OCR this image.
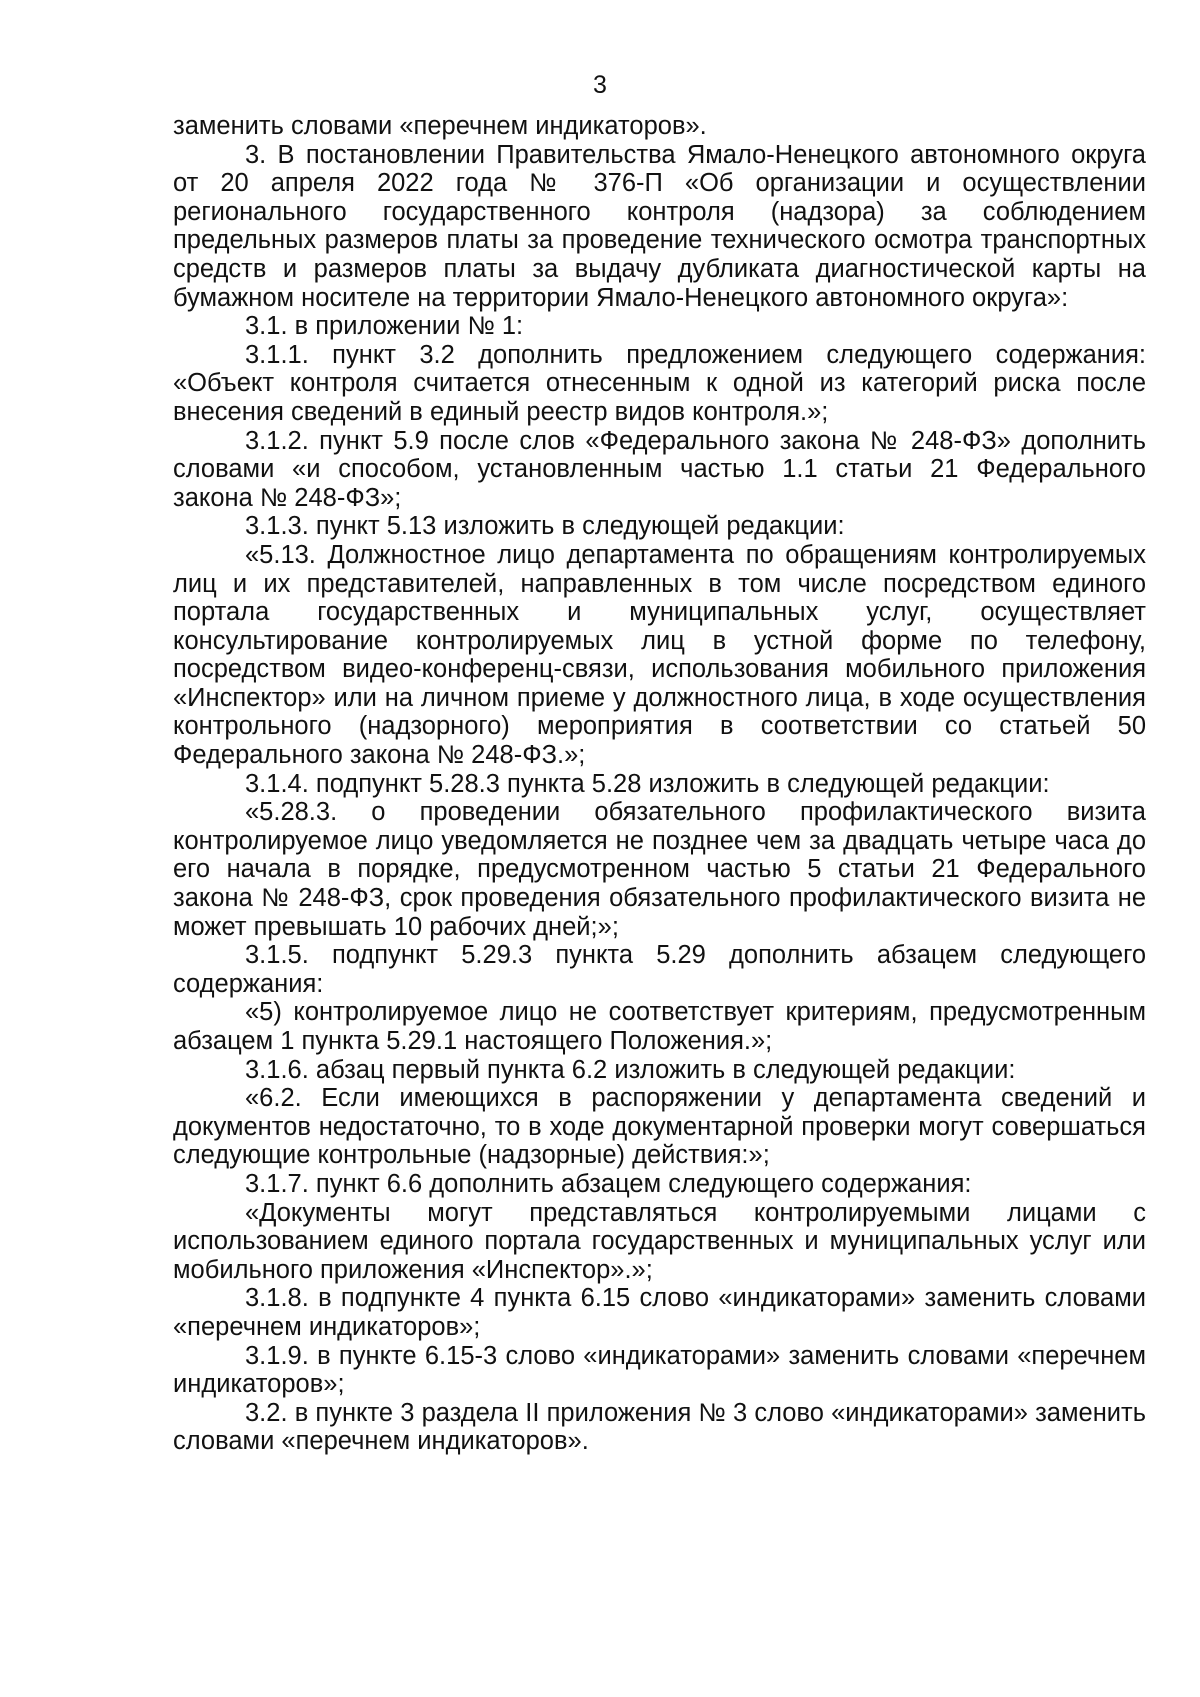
3

заменить словами «перечнем индикаторов».

3. В постановлении Правительства Ямало-Ненецкого автономного округа от 20 апреля 2022 года № 376-П «Об организации и осуществлении регионального государственного контроля (надзора) за соблюдением предельных размеров платы за проведение технического осмотра транспортных средств и размеров платы за выдачу дубликата диагностической карты на бумажном носителе на территории Ямало-Ненецкого автономного округа»:

3.1. в приложении № 1:

3.1.1. пункт 3.2 дополнить предложением следующего содержания: «Объект контроля считается отнесенным к одной из категорий риска после внесения сведений в единый реестр видов контроля.»;

3.1.2. пункт 5.9 после слов «Федерального закона № 248-ФЗ» дополнить словами «и способом, установленным частью 1.1 статьи 21 Федерального закона № 248-ФЗ»;

3.1.3. пункт 5.13 изложить в следующей редакции:

«5.13. Должностное лицо департамента по обращениям контролируемых лиц и их представителей, направленных в том числе посредством единого портала государственных и муниципальных услуг, осуществляет консультирование контролируемых лиц в устной форме по телефону, посредством видео-конференц-связи, использования мобильного приложения «Инспектор» или на личном приеме у должностного лица, в ходе осуществления контрольного (надзорного) мероприятия в соответствии со статьей 50 Федерального закона № 248-ФЗ.»;

3.1.4. подпункт 5.28.3 пункта 5.28 изложить в следующей редакции:

«5.28.3. о проведении обязательного профилактического визита контролируемое лицо уведомляется не позднее чем за двадцать четыре часа до его начала в порядке, предусмотренном частью 5 статьи 21 Федерального закона № 248-ФЗ, срок проведения обязательного профилактического визита не может превышать 10 рабочих дней;»;

3.1.5. подпункт 5.29.3 пункта 5.29 дополнить абзацем следующего содержания:

«5) контролируемое лицо не соответствует критериям, предусмотренным абзацем 1 пункта 5.29.1 настоящего Положения.»;

3.1.6. абзац первый пункта 6.2 изложить в следующей редакции:

«6.2. Если имеющихся в распоряжении у департамента сведений и документов недостаточно, то в ходе документарной проверки могут совершаться следующие контрольные (надзорные) действия:»;

3.1.7. пункт 6.6 дополнить абзацем следующего содержания:

«Документы могут представляться контролируемыми лицами с использованием единого портала государственных и муниципальных услуг или мобильного приложения «Инспектор».»;

3.1.8. в подпункте 4 пункта 6.15 слово «индикаторами» заменить словами «перечнем индикаторов»;

3.1.9. в пункте 6.15-3 слово «индикаторами» заменить словами «перечнем индикаторов»;

3.2. в пункте 3 раздела II приложения № 3 слово «индикаторами» заменить словами «перечнем индикаторов».
